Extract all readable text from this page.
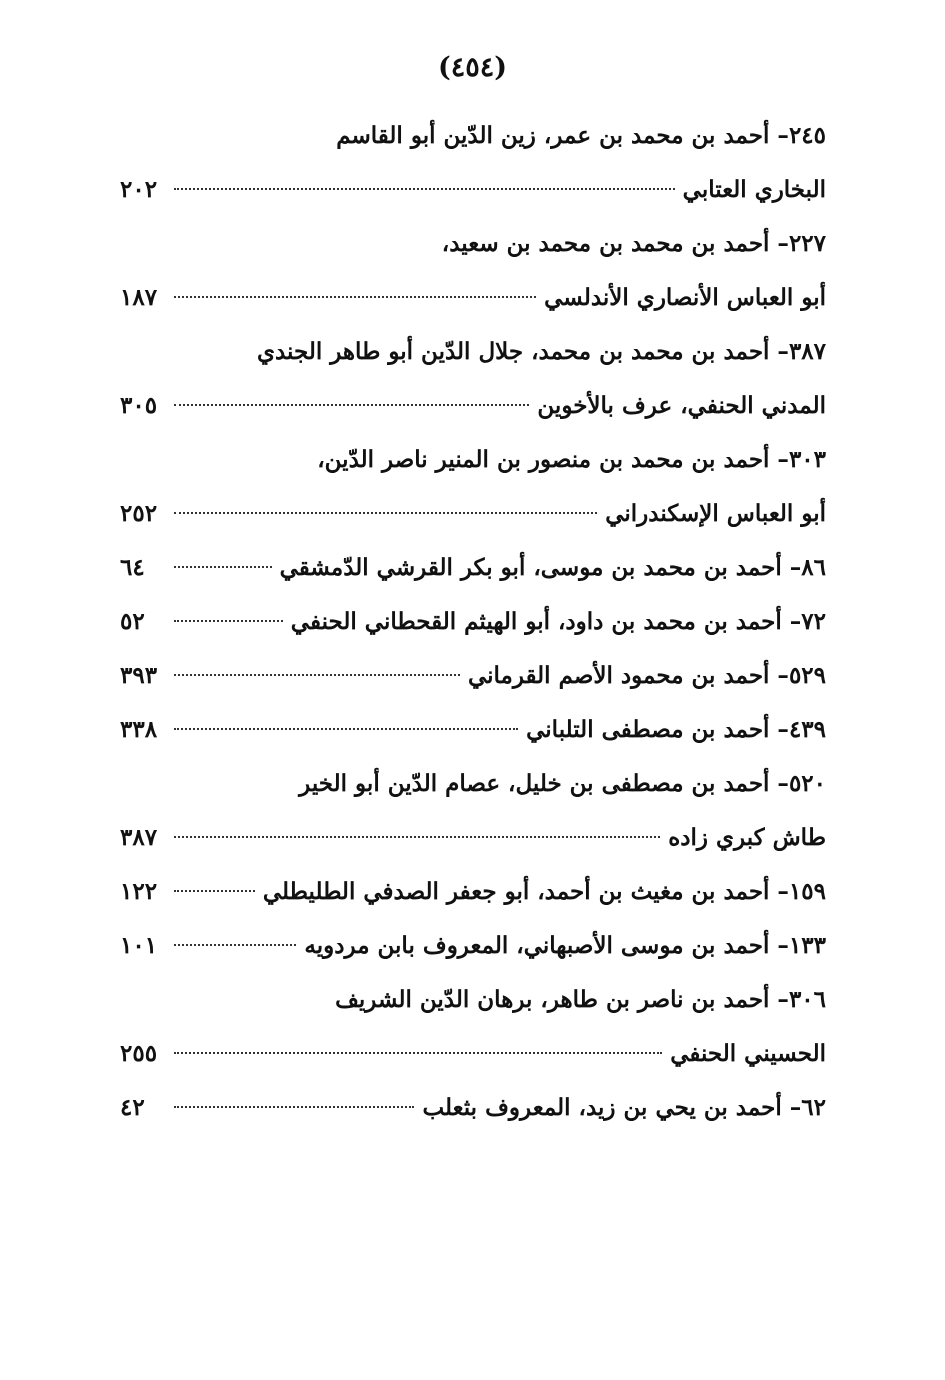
(٤٥٤)
٢٤٥– أحمد بن محمد بن عمر، زين الدّين أبو القاسم
البخاري العتابي
٢٠٢
٢٢٧– أحمد بن محمد بن محمد بن سعيد،
أبو العباس الأنصاري الأندلسي
١٨٧
٣٨٧– أحمد بن محمد بن محمد، جلال الدّين أبو طاهر الجندي
المدني الحنفي، عرف بالأخوين
٣٠٥
٣٠٣– أحمد بن محمد بن منصور بن المنير ناصر الدّين،
أبو العباس الإسكندراني
٢٥٢
٨٦– أحمد بن محمد بن موسى، أبو بكر القرشي الدّمشقي
٦٤
٧٢– أحمد بن محمد بن داود، أبو الهيثم القحطاني الحنفي
٥٢
٥٢٩– أحمد بن محمود الأصم القرماني
٣٩٣
٤٣٩– أحمد بن مصطفى التلباني
٣٣٨
٥٢٠– أحمد بن مصطفى بن خليل، عصام الدّين أبو الخير
طاش كبري زاده
٣٨٧
١٥٩– أحمد بن مغيث بن أحمد، أبو جعفر الصدفي الطليطلي
١٢٢
١٣٣– أحمد بن موسى الأصبهاني، المعروف بابن مردويه
١٠١
٣٠٦– أحمد بن ناصر بن طاهر، برهان الدّين الشريف
الحسيني الحنفي
٢٥٥
٦٢– أحمد بن يحي بن زيد، المعروف بثعلب
٤٢
